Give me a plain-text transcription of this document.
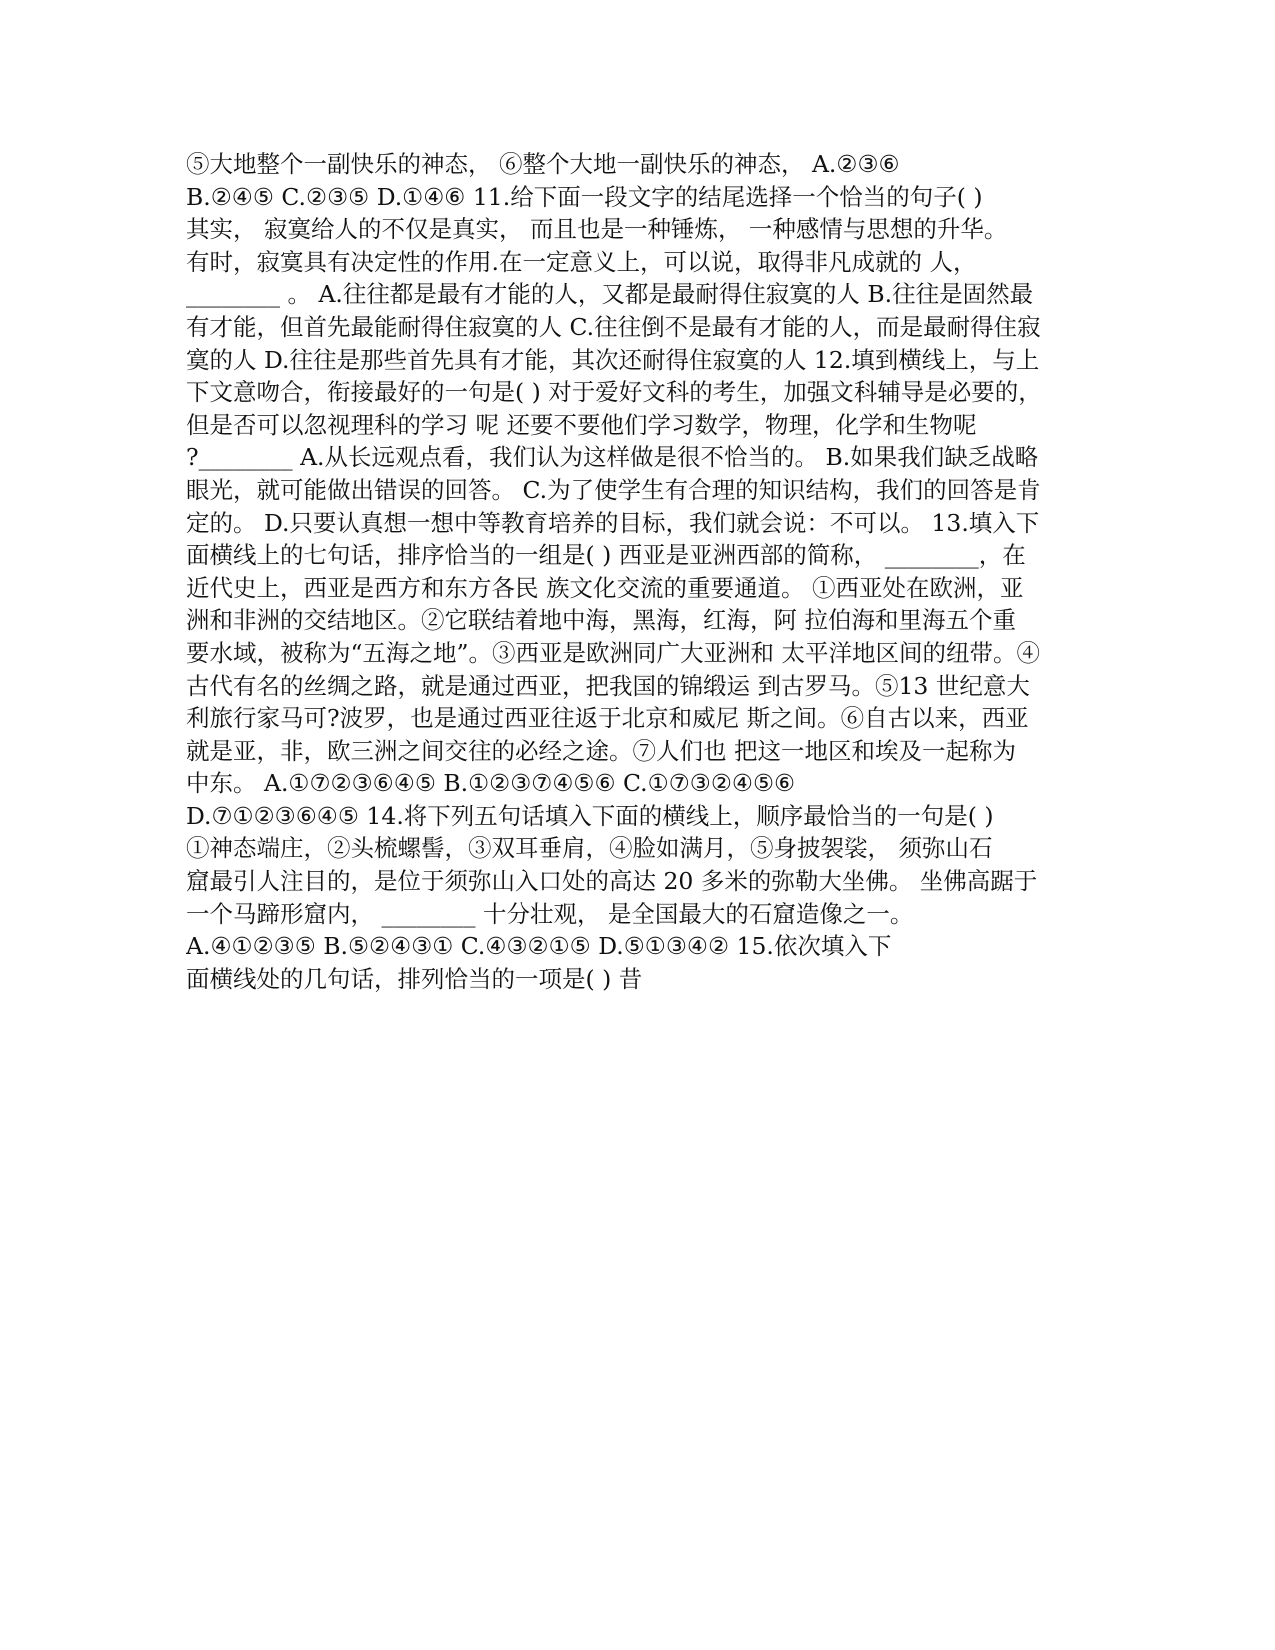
⑤大地整个一副快乐的神态， ⑥整个大地一副快乐的神态， A.②③⑥
B.②④⑤ C.②③⑤ D.①④⑥ 11.给下面一段文字的结尾选择一个恰当的句子( )
其实， 寂寞给人的不仅是真实， 而且也是一种锤炼， 一种感情与思想的升华。
有时，寂寞具有决定性的作用.在一定意义上，可以说，取得非凡成就的 人，
________ 。 A.往往都是最有才能的人，又都是最耐得住寂寞的人 B.往往是固然最
有才能，但首先最能耐得住寂寞的人 C.往往倒不是最有才能的人，而是最耐得住寂
寞的人 D.往往是那些首先具有才能，其次还耐得住寂寞的人 12.填到横线上，与上
下文意吻合，衔接最好的一句是( ) 对于爱好文科的考生，加强文科辅导是必要的，
但是否可以忽视理科的学习 呢 还要不要他们学习数学，物理，化学和生物呢
?________ A.从长远观点看，我们认为这样做是很不恰当的。 B.如果我们缺乏战略
眼光，就可能做出错误的回答。 C.为了使学生有合理的知识结构，我们的回答是肯
定的。 D.只要认真想一想中等教育培养的目标，我们就会说：不可以。 13.填入下
面横线上的七句话，排序恰当的一组是( ) 西亚是亚洲西部的简称， ________，在
近代史上，西亚是西方和东方各民 族文化交流的重要通道。 ①西亚处在欧洲，亚
洲和非洲的交结地区。②它联结着地中海，黑海，红海，阿 拉伯海和里海五个重
要水域，被称为“五海之地”。③西亚是欧洲同广大亚洲和 太平洋地区间的纽带。④
古代有名的丝绸之路，就是通过西亚，把我国的锦缎运 到古罗马。⑤13 世纪意大
利旅行家马可?波罗，也是通过西亚往返于北京和威尼 斯之间。⑥自古以来，西亚
就是亚，非，欧三洲之间交往的必经之途。⑦人们也 把这一地区和埃及一起称为
中东。 A.①⑦②③⑥④⑤ B.①②③⑦④⑤⑥ C.①⑦③②④⑤⑥
D.⑦①②③⑥④⑤ 14.将下列五句话填入下面的横线上，顺序最恰当的一句是( )
①神态端庄，②头梳螺髻，③双耳垂肩，④脸如满月，⑤身披袈裟， 须弥山石
窟最引人注目的，是位于须弥山入口处的高达 20 多米的弥勒大坐佛。 坐佛高踞于
一个马蹄形窟内， ________ 十分壮观， 是全国最大的石窟造像之一。
A.④①②③⑤ B.⑤②④③① C.④③②①⑤ D.⑤①③④② 15.依次填入下
面横线处的几句话，排列恰当的一项是( ) 昔
